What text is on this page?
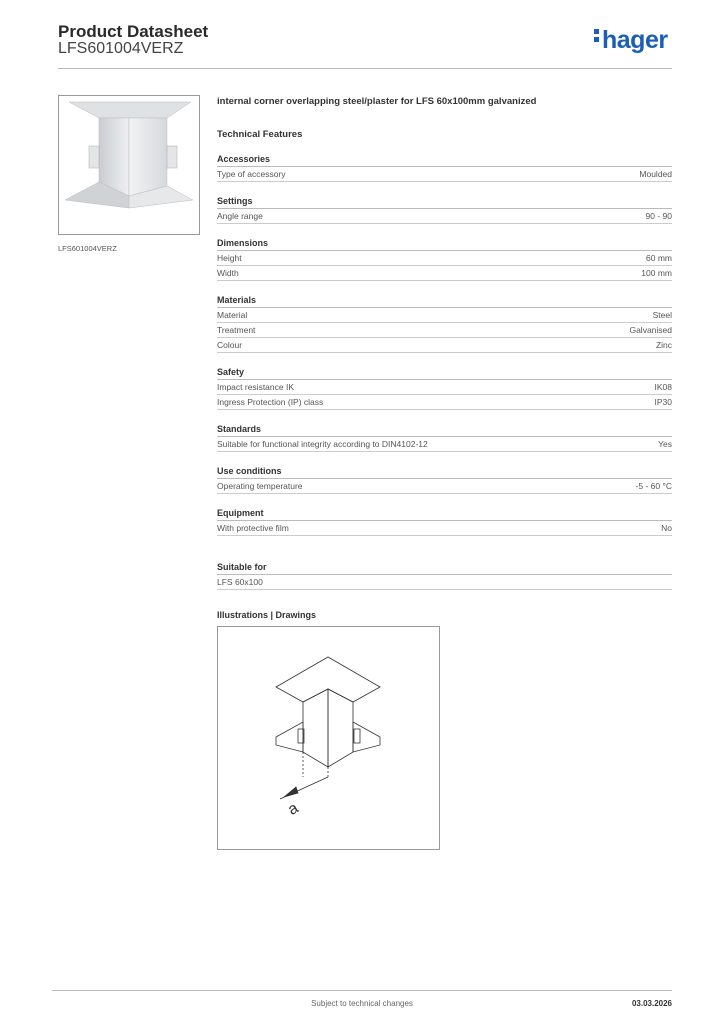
Product Datasheet
LFS601004VERZ	hager
LFS601004VERZ
internal corner overlapping steel/plaster for LFS 60x100mm galvanized
Technical Features
Accessories
Type of accessory	Moulded
Settings
Angle range	90 - 90
Dimensions
Height	60 mm
Width	100 mm
Materials
Material	Steel
Treatment	Galvanised
Colour	Zinc
Safety
Impact resistance IK	IK08
Ingress Protection (IP) class	IP30
Standards
Suitable for functional integrity according to DIN4102-12	Yes
Use conditions
Operating temperature	-5 - 60 °C
Equipment
With protective film	No
Suitable for
LFS 60x100
Illustrations | Drawings
a
Subject to technical changes	03.03.2026
